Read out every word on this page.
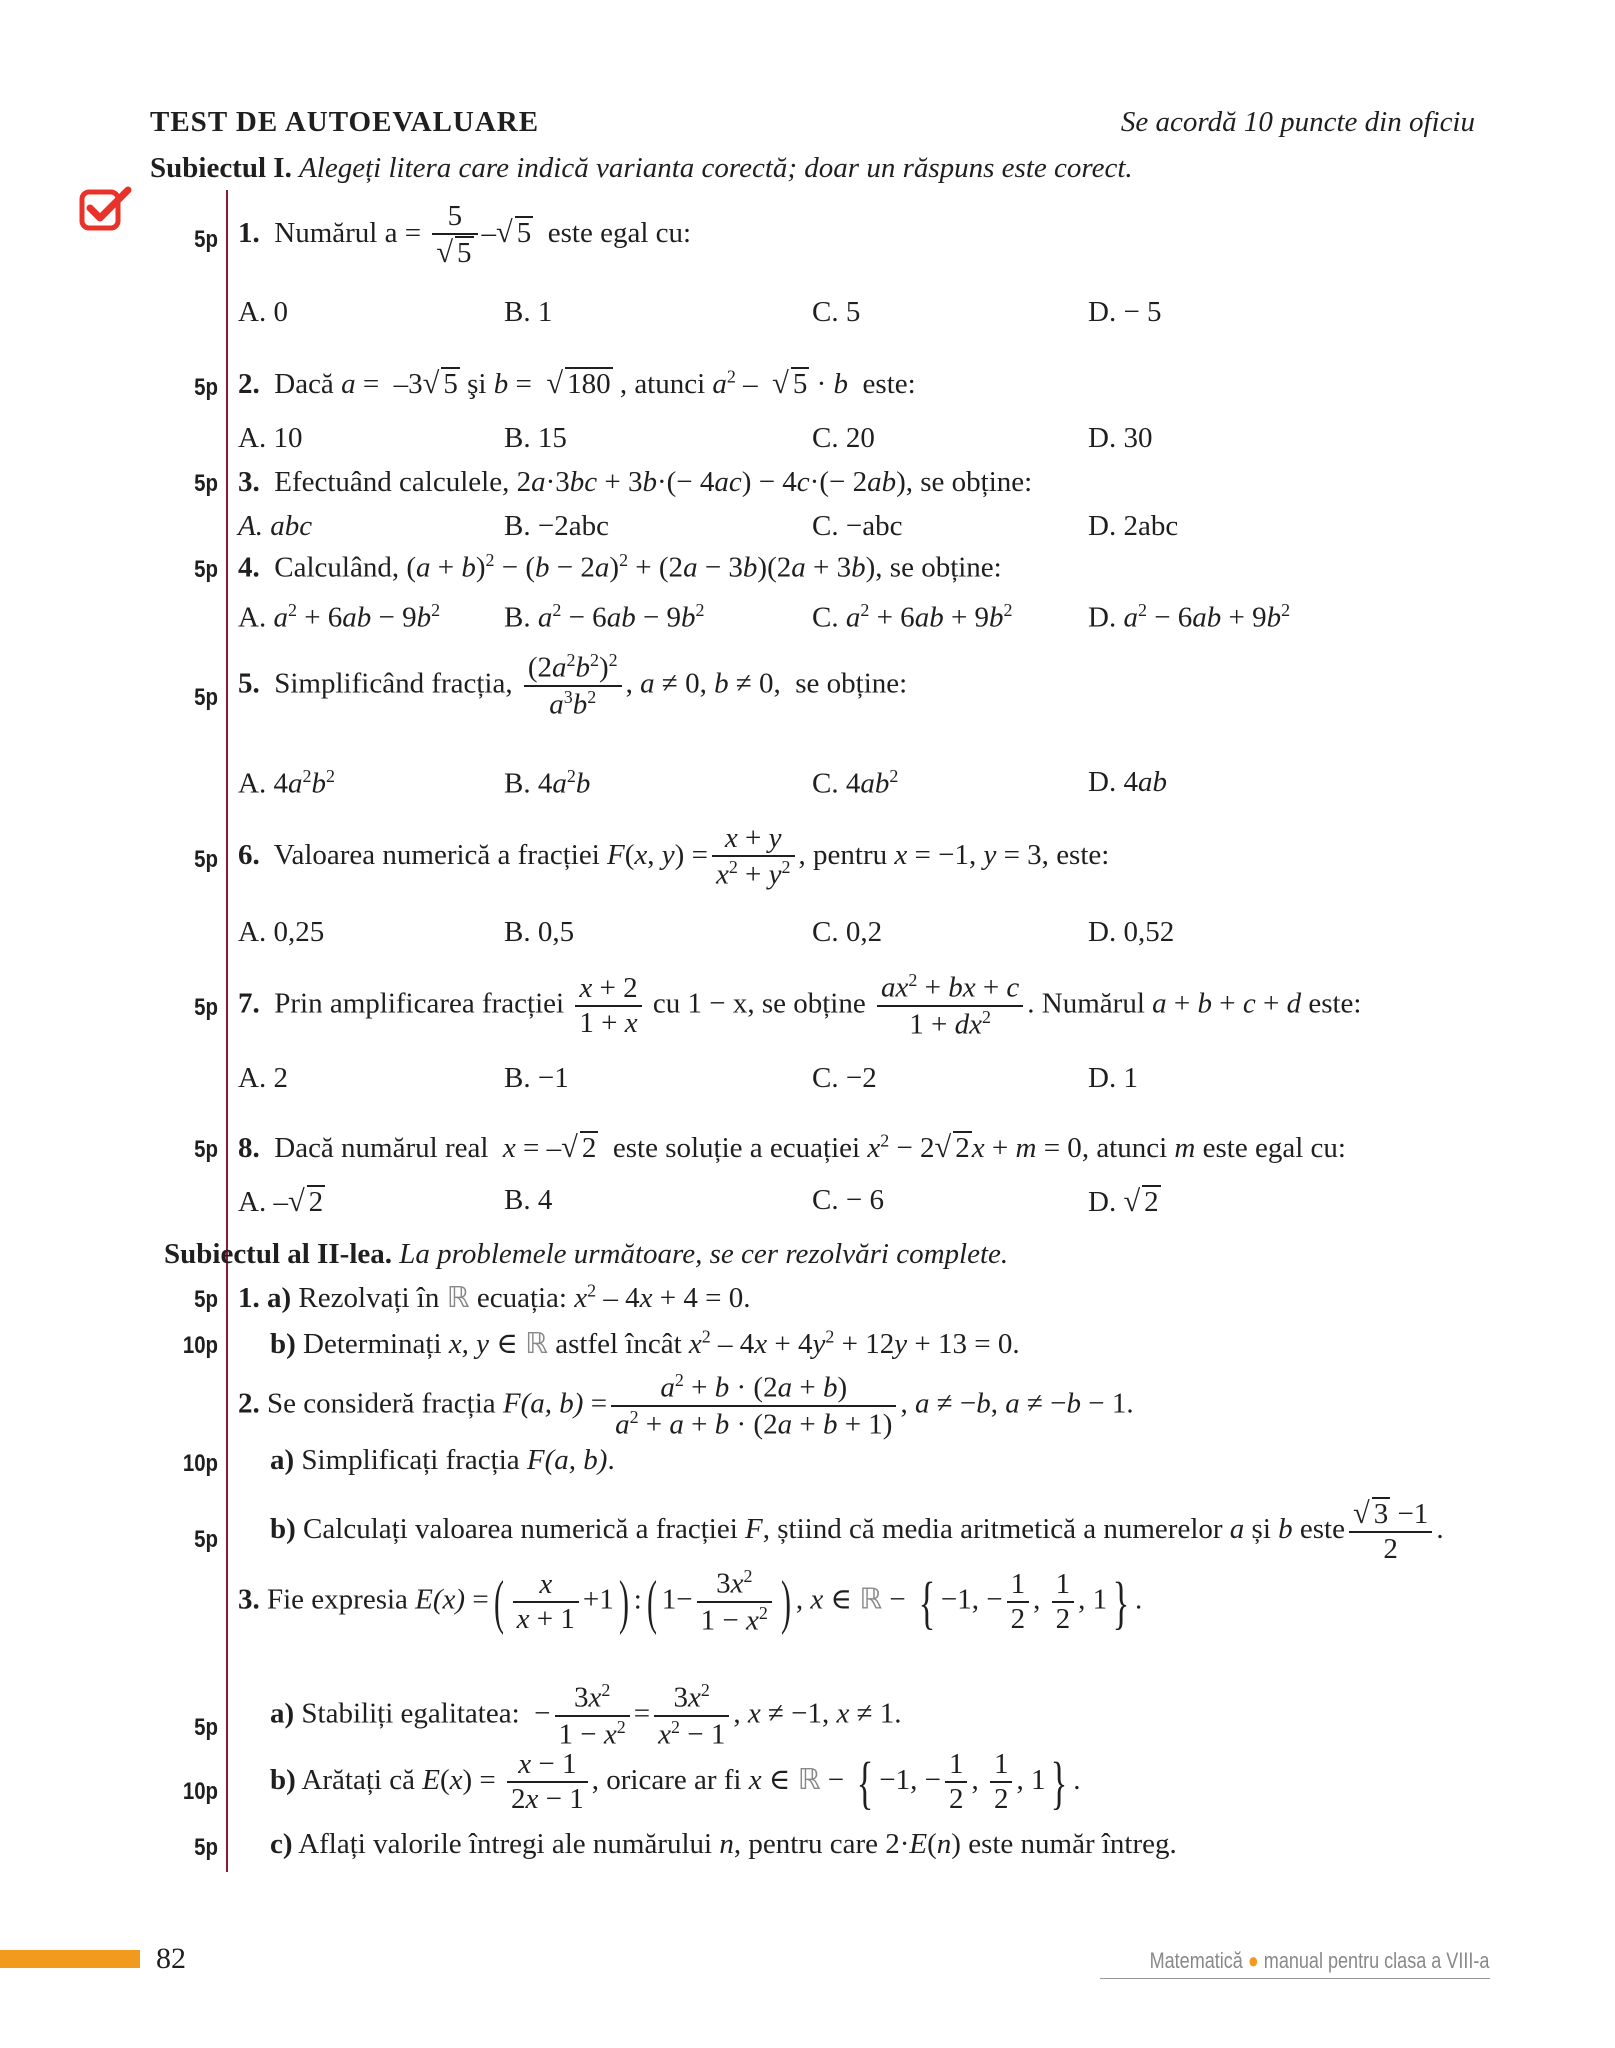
TEST DE AUTOEVALUARE	Se acordă 10 puncte din oficiu
Subiectul I. Alegeți litera care indică varianta corectă; doar un răspuns este corect.
5p 1. Numărul $a = \frac{5}{√ 5}$ –√ 5 este egal cu:
A. 0	B. 1	C. 5	D. − 5
5p 2. Dacă a =  –3√ 5 şi b =  √ 180 , atunci $a^2$ –  √ 5 · b este:
A. 10	B. 15	C. 20	D. 30
5p 3. Efectuând calculele, 2a·3bc + 3b·(− 4ac) − 4c·(− 2ab), se obține:
A. abc	B. −2abc	C. −abc	D. 2abc
5p 4. Calculând, $(a + b)^2 - (b - 2a)^2 + (2a - 3b)(2a + 3b)$, se obține:
A. $a^2 + 6ab - 9b^2$ B. $a^2 - 6ab - 9b^2$	C. $a^2 + 6ab + 9b^2$	D. $a^2 - 6ab + 9b^2$
5p 5. Simplificând fracția, $\frac{(2a^2b^2)^2}{a^3b^2}$ , a ≠ 0, b ≠ 0,  se obține:
A. $4a^2b^2$	B. $4a^2b$	C. $4ab^2$	D. 4ab
5p 6. Valoarea numerică a fracției F(x, $y) = \frac{x + y}{x^2 + y^2}$ , pentru x = −1, y = 3, este:
A. 0,25	B. 0,5	C. 0,2	D. 0,52
5p 7. Prin amplificarea fracției $\frac{x + 2}{1 + x}$ cu 1 − x, se obține $\frac{ax^2 + bx + c}{1 + dx^2}$ . Numărul a + b + c + d este:
A. 2	B. −1	C. −2	D. 1
5p 8. Dacă numărul real x = –√ 2 este soluție a ecuației $x^2 - 2√$ 2x + m = 0, atunci m este egal cu:
A. –√ 2	B. 4	C. − 6	D. √ 2
Subiectul al II-lea. La problemele următoare, se cer rezolvări complete.
5p 1. a) Rezolvați în ℝ ecuația: $x^2 - 4x + 4 = 0$.
10p b) Determinați x, y ∈ ℝ astfel încât $x^2 - 4x + 4y^2 + 12y + 13 = 0$.
2. Se consideră fracția F(a, $b) = \frac{a^2 + b \cdot (2a + b)}{a^2 + a + b \cdot (2a + b + 1)}$ , a ≠ −b, a ≠ −b − 1.
10p a) Simplificați fracția F(a, b).
5p b) Calculați valoarea numerică a fracției F, știind că media aritmetică a numerelor a și b este $\frac{√ 3 -1}{2}$ .
3. Fie expresia E(x) =( $\frac{x}{x + 1} +1$) :( $1- \frac{3x^2}{1 - x^2}$ ) , x ∈ ℝ − { −1, − $\frac{1}{2}$ , $\frac{1}{2}$ , 1} .
5p a) Stabiliți egalitatea:  − $\frac{3x^2}{1 - x^2} = \frac{3x^2}{x^2 - 1}$ , x ≠ −1, x ≠ 1.
10p b) Arătați că $E(x) = \frac{x - 1}{2x - 1}$ , oricare ar fi x ∈ ℝ − { −1, − $\frac{1}{2}$ , $\frac{1}{2}$ , 1} .
5p c) Aflați valorile întregi ale numărului n, pentru care 2·E(n) este număr întreg.
82	Matematică ● manual pentru clasa a VIII-a
